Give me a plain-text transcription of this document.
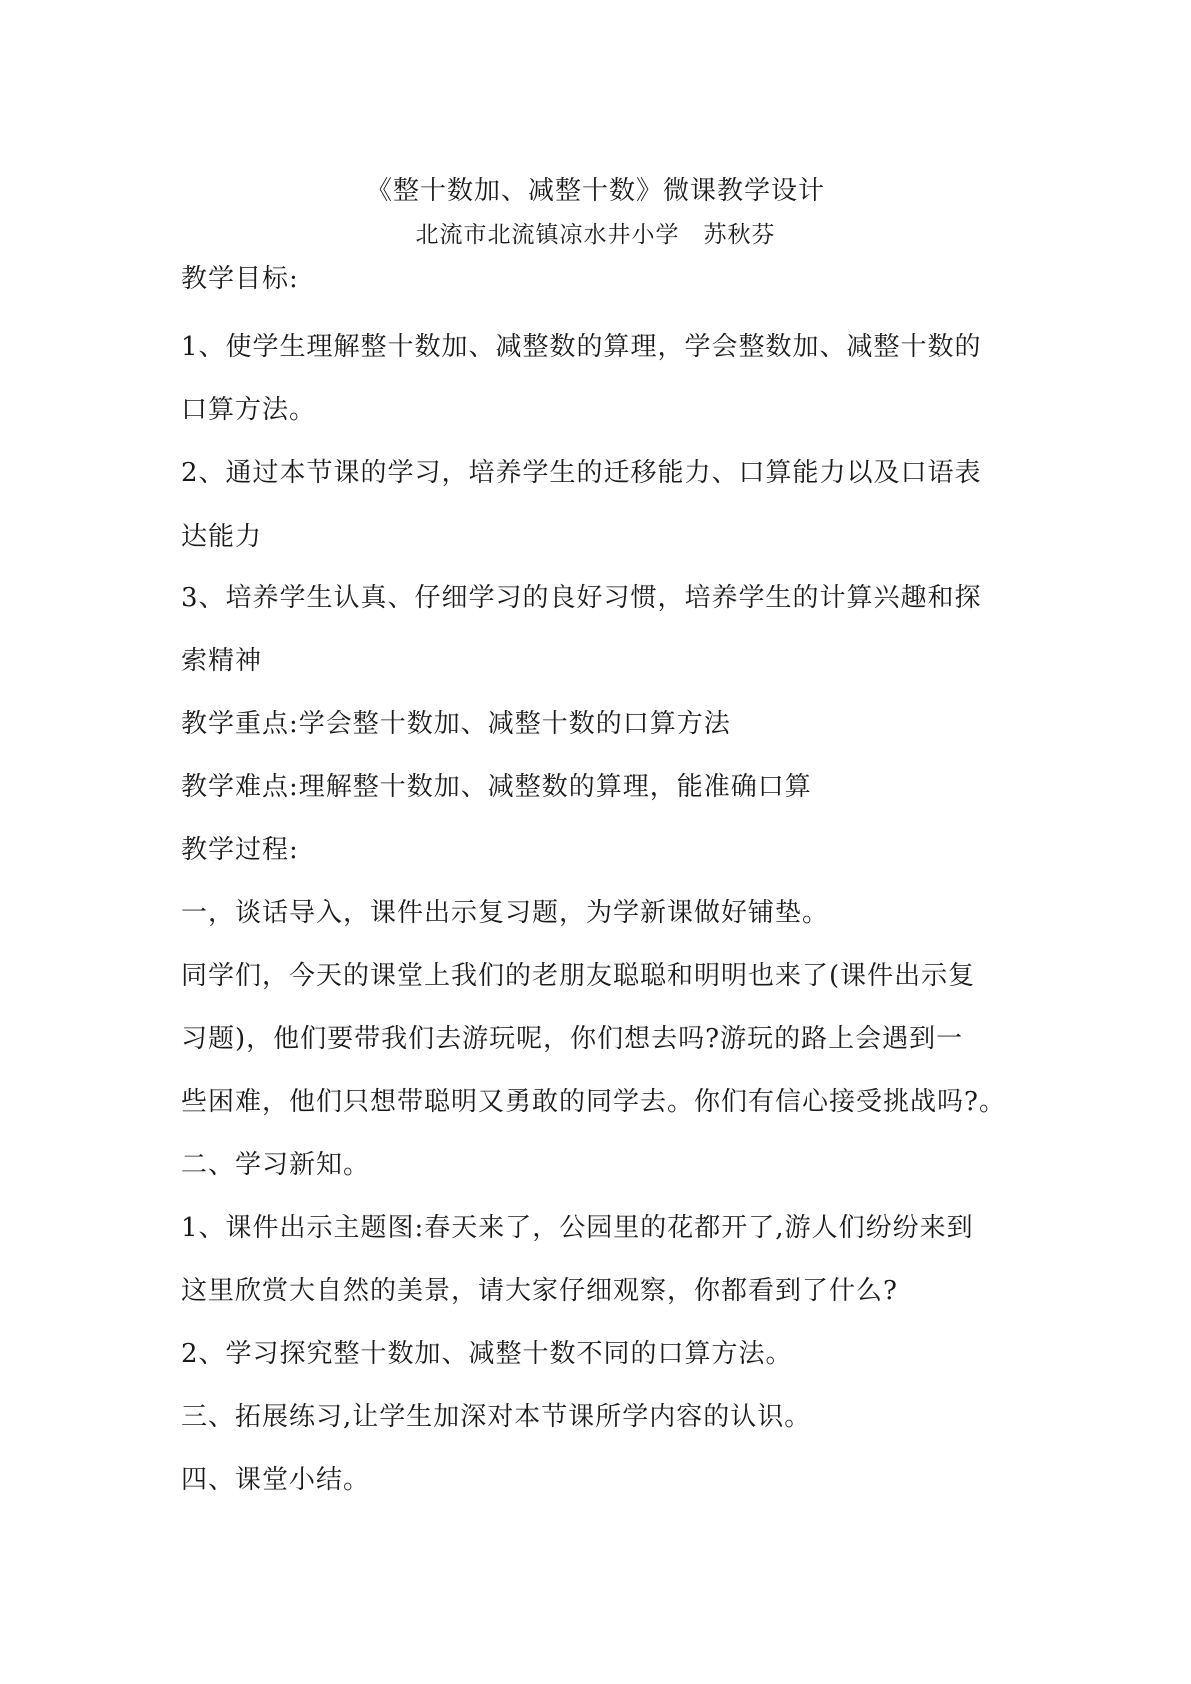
《整十数加、减整十数》微课教学设计
北流市北流镇凉水井小学　苏秋芬
教学目标:
1、使学生理解整十数加、减整数的算理，学会整数加、减整十数的
口算方法。
2、通过本节课的学习，培养学生的迁移能力、口算能力以及口语表
达能力
3、培养学生认真、仔细学习的良好习惯，培养学生的计算兴趣和探
索精神
教学重点:学会整十数加、减整十数的口算方法
教学难点:理解整十数加、减整数的算理，能准确口算
教学过程:
一，谈话导入，课件出示复习题，为学新课做好铺垫。
同学们，今天的课堂上我们的老朋友聪聪和明明也来了(课件出示复
习题)，他们要带我们去游玩呢，你们想去吗?游玩的路上会遇到一
些困难，他们只想带聪明又勇敢的同学去。你们有信心接受挑战吗?。
二、学习新知。
1、课件出示主题图:春天来了，公园里的花都开了,游人们纷纷来到
这里欣赏大自然的美景，请大家仔细观察，你都看到了什么?
2、学习探究整十数加、减整十数不同的口算方法。
三、拓展练习,让学生加深对本节课所学内容的认识。
四、课堂小结。
